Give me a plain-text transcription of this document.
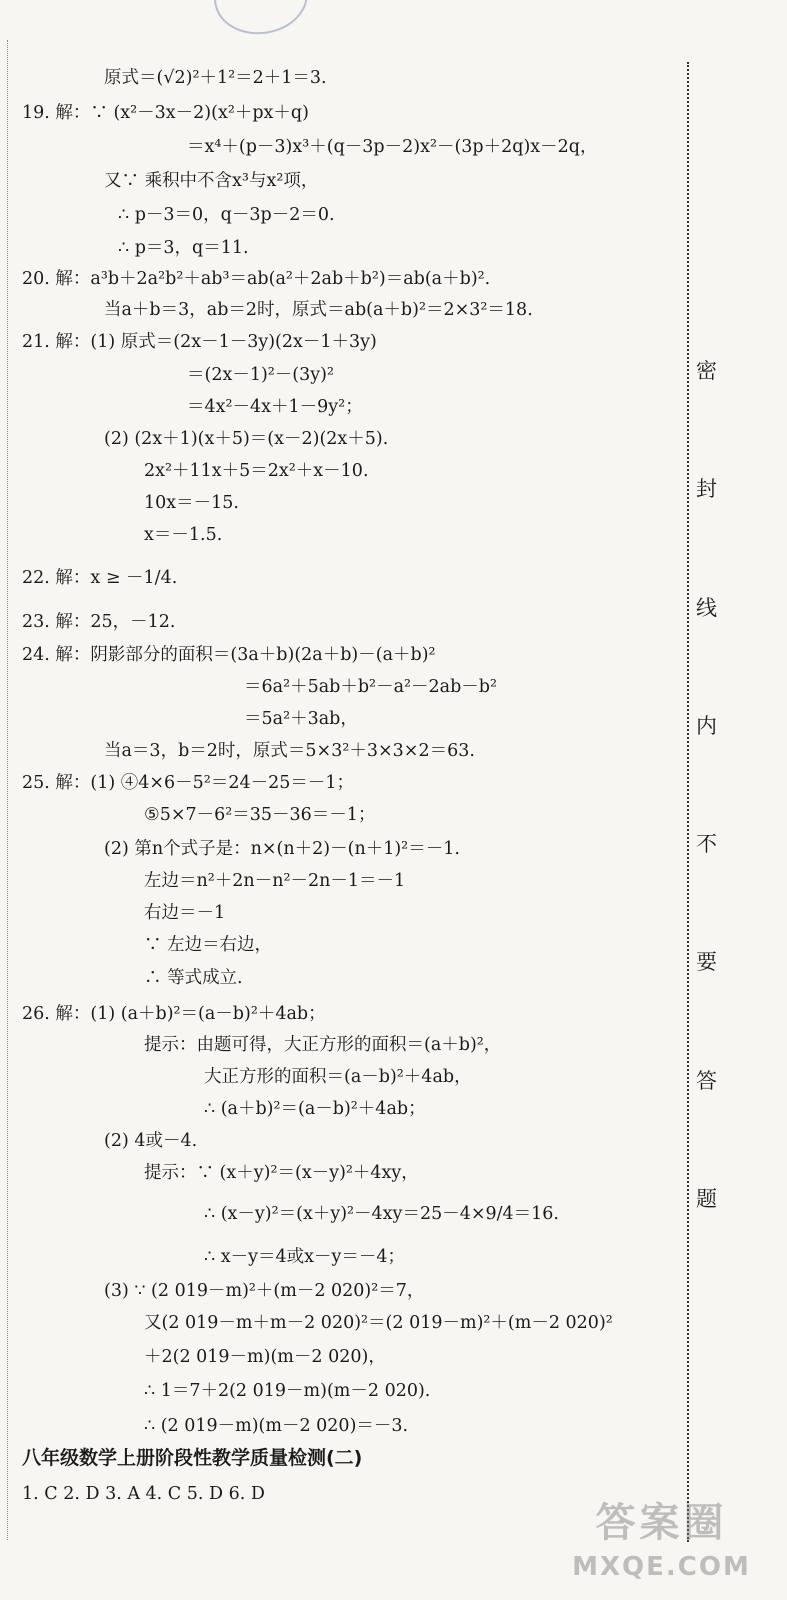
原式＝(√2)²＋1²＝2＋1＝3.
19. 解：∵ (x²－3x－2)(x²＋px＋q)
＝x⁴＋(p－3)x³＋(q－3p－2)x²－(3p＋2q)x－2q，
又∵ 乘积中不含x³与x²项，
∴ p－3＝0，q－3p－2＝0.
∴ p＝3，q＝11.
20. 解：a³b＋2a²b²＋ab³＝ab(a²＋2ab＋b²)＝ab(a＋b)².
当a＋b＝3，ab＝2时，原式＝ab(a＋b)²＝2×3²＝18.
21. 解：(1) 原式＝(2x－1－3y)(2x－1＋3y)
＝(2x－1)²－(3y)²
＝4x²－4x＋1－9y²；
(2) (2x＋1)(x＋5)＝(x－2)(2x＋5).
2x²＋11x＋5＝2x²＋x－10.
10x＝－15.
x＝－1.5.
22. 解：x ≥ －1/4.
23. 解：25，－12.
24. 解：阴影部分的面积＝(3a＋b)(2a＋b)－(a＋b)²
＝6a²＋5ab＋b²－a²－2ab－b²
＝5a²＋3ab，
当a＝3，b＝2时，原式＝5×3²＋3×3×2＝63.
25. 解：(1) ④4×6－5²＝24－25＝－1；
⑤5×7－6²＝35－36＝－1；
(2) 第n个式子是：n×(n＋2)－(n＋1)²＝－1.
左边＝n²＋2n－n²－2n－1＝－1
右边＝－1
∵ 左边＝右边，
∴ 等式成立.
26. 解：(1) (a＋b)²＝(a－b)²＋4ab；
提示：由题可得，大正方形的面积＝(a＋b)²，
大正方形的面积＝(a－b)²＋4ab，
∴ (a＋b)²＝(a－b)²＋4ab；
(2) 4或－4.
提示：∵ (x＋y)²＝(x－y)²＋4xy，
∴ (x－y)²＝(x＋y)²－4xy＝25－4×9/4＝16.
∴ x－y＝4或x－y＝－4；
(3) ∵ (2 019－m)²＋(m－2 020)²＝7，
又(2 019－m＋m－2 020)²＝(2 019－m)²＋(m－2 020)²
＋2(2 019－m)(m－2 020)，
∴ 1＝7＋2(2 019－m)(m－2 020).
∴ (2 019－m)(m－2 020)＝－3.
八年级数学上册阶段性教学质量检测(二)
1. C 2. D 3. A 4. C 5. D 6. D
密
封
线
内
不
要
答
题
答案圈
MXQE.COM
